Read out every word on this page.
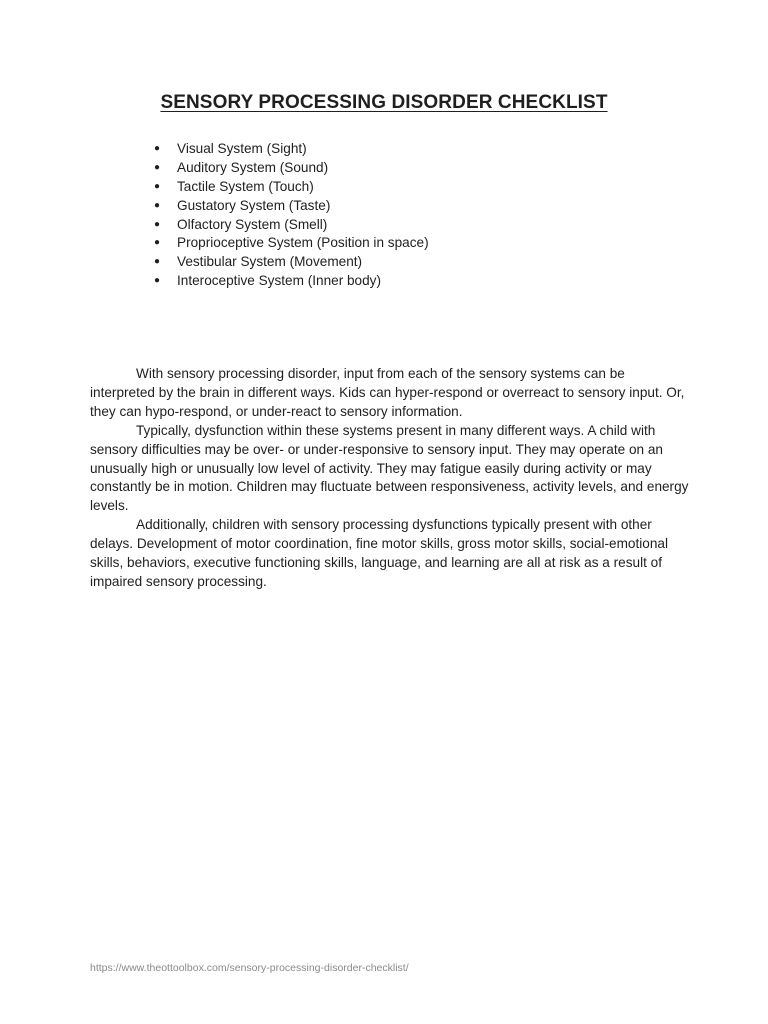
SENSORY PROCESSING DISORDER CHECKLIST
●	Visual System (Sight)
●	Auditory System (Sound)
●	Tactile System (Touch)
●	Gustatory System (Taste)
●	Olfactory System (Smell)
●	Proprioceptive System (Position in space)
●	Vestibular System (Movement)
●	Interoceptive System (Inner body)

With sensory processing disorder, input from each of the sensory systems can be interpreted by the brain in different ways. Kids can hyper-respond or overreact to sensory input. Or, they can hypo-respond, or under-react to sensory information.

Typically, dysfunction within these systems present in many different ways. A child with sensory difficulties may be over- or under-responsive to sensory input. They may operate on an unusually high or unusually low level of activity. They may fatigue easily during activity or may constantly be in motion. Children may fluctuate between responsiveness, activity levels, and energy levels.

Additionally, children with sensory processing dysfunctions typically present with other delays. Development of motor coordination, fine motor skills, gross motor skills, social-emotional skills, behaviors, executive functioning skills, language, and learning are all at risk as a result of impaired sensory processing.

https://www.theottoolbox.com/sensory-processing-disorder-checklist/
